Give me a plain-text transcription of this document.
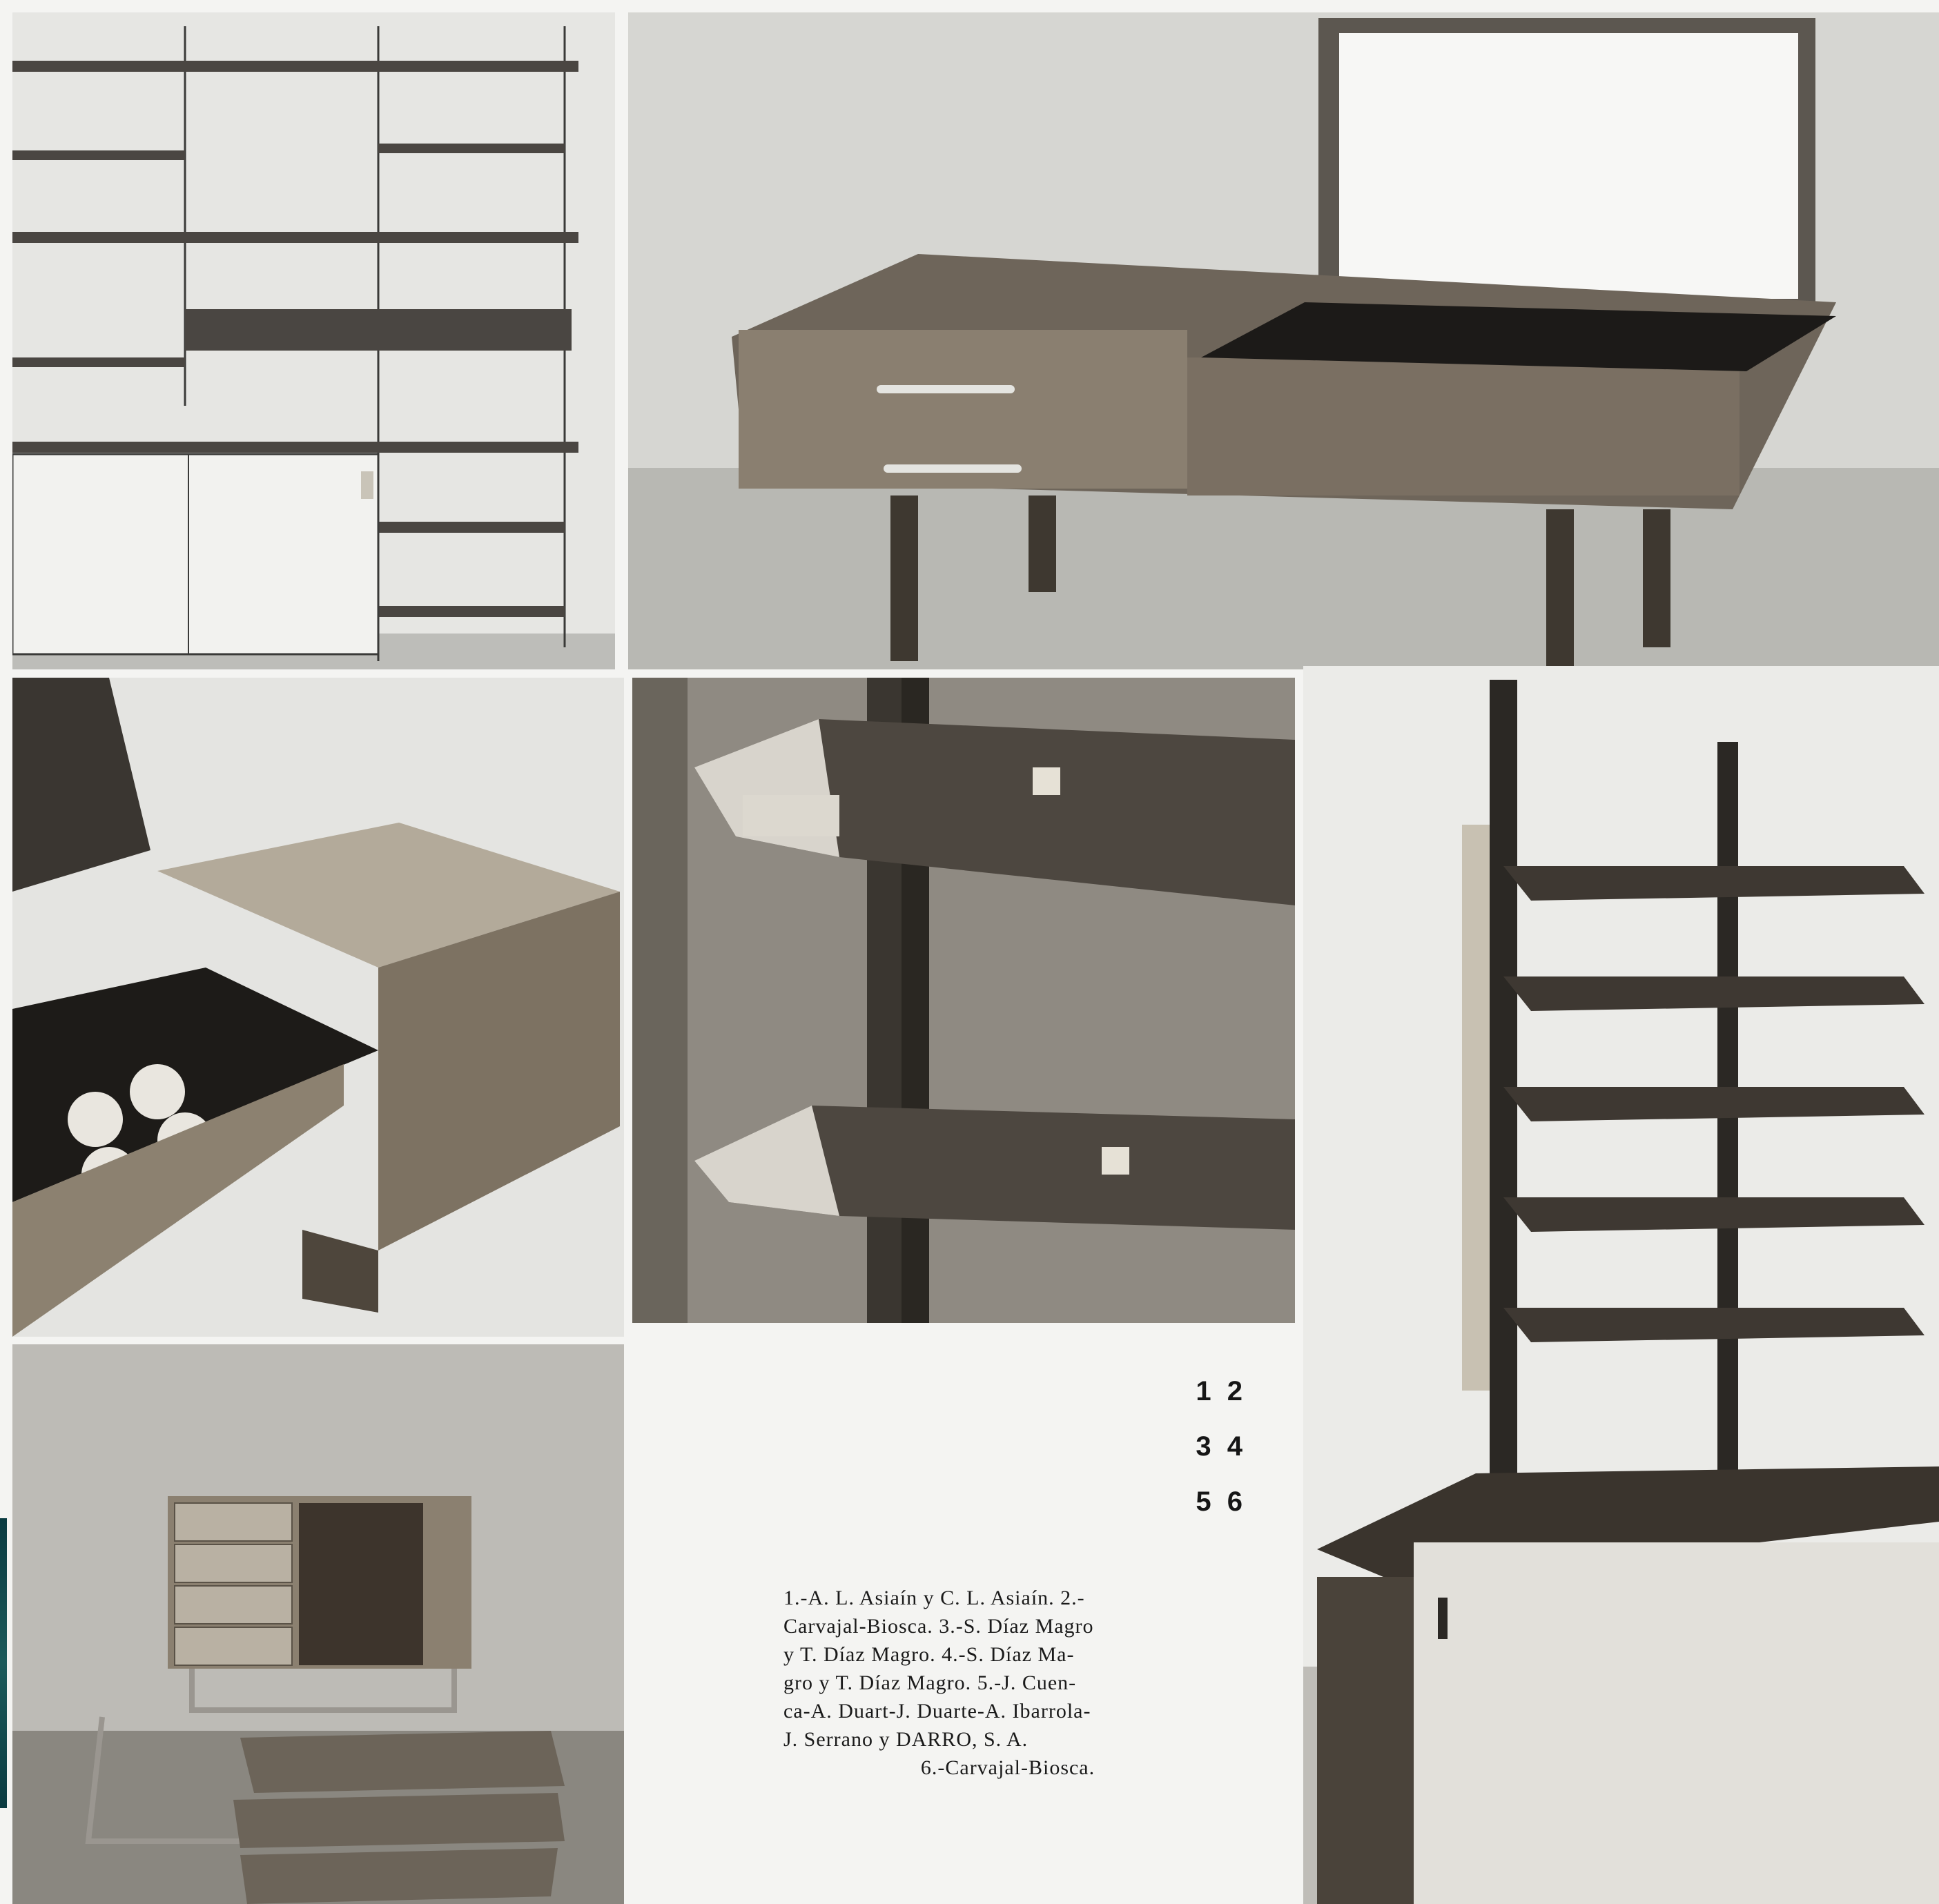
1 2
3 4
5 6
1.-A. L. Asiaín y C. L. Asiaín. 2.-
Carvajal-Biosca. 3.-S. Díaz Magro
y T. Díaz Magro. 4.-S. Díaz Ma-
gro y T. Díaz Magro. 5.-J. Cuen-
ca-A. Duart-J. Duarte-A. Ibarrola-
J. Serrano y DARRO, S. A.
6.-Carvajal-Biosca.
